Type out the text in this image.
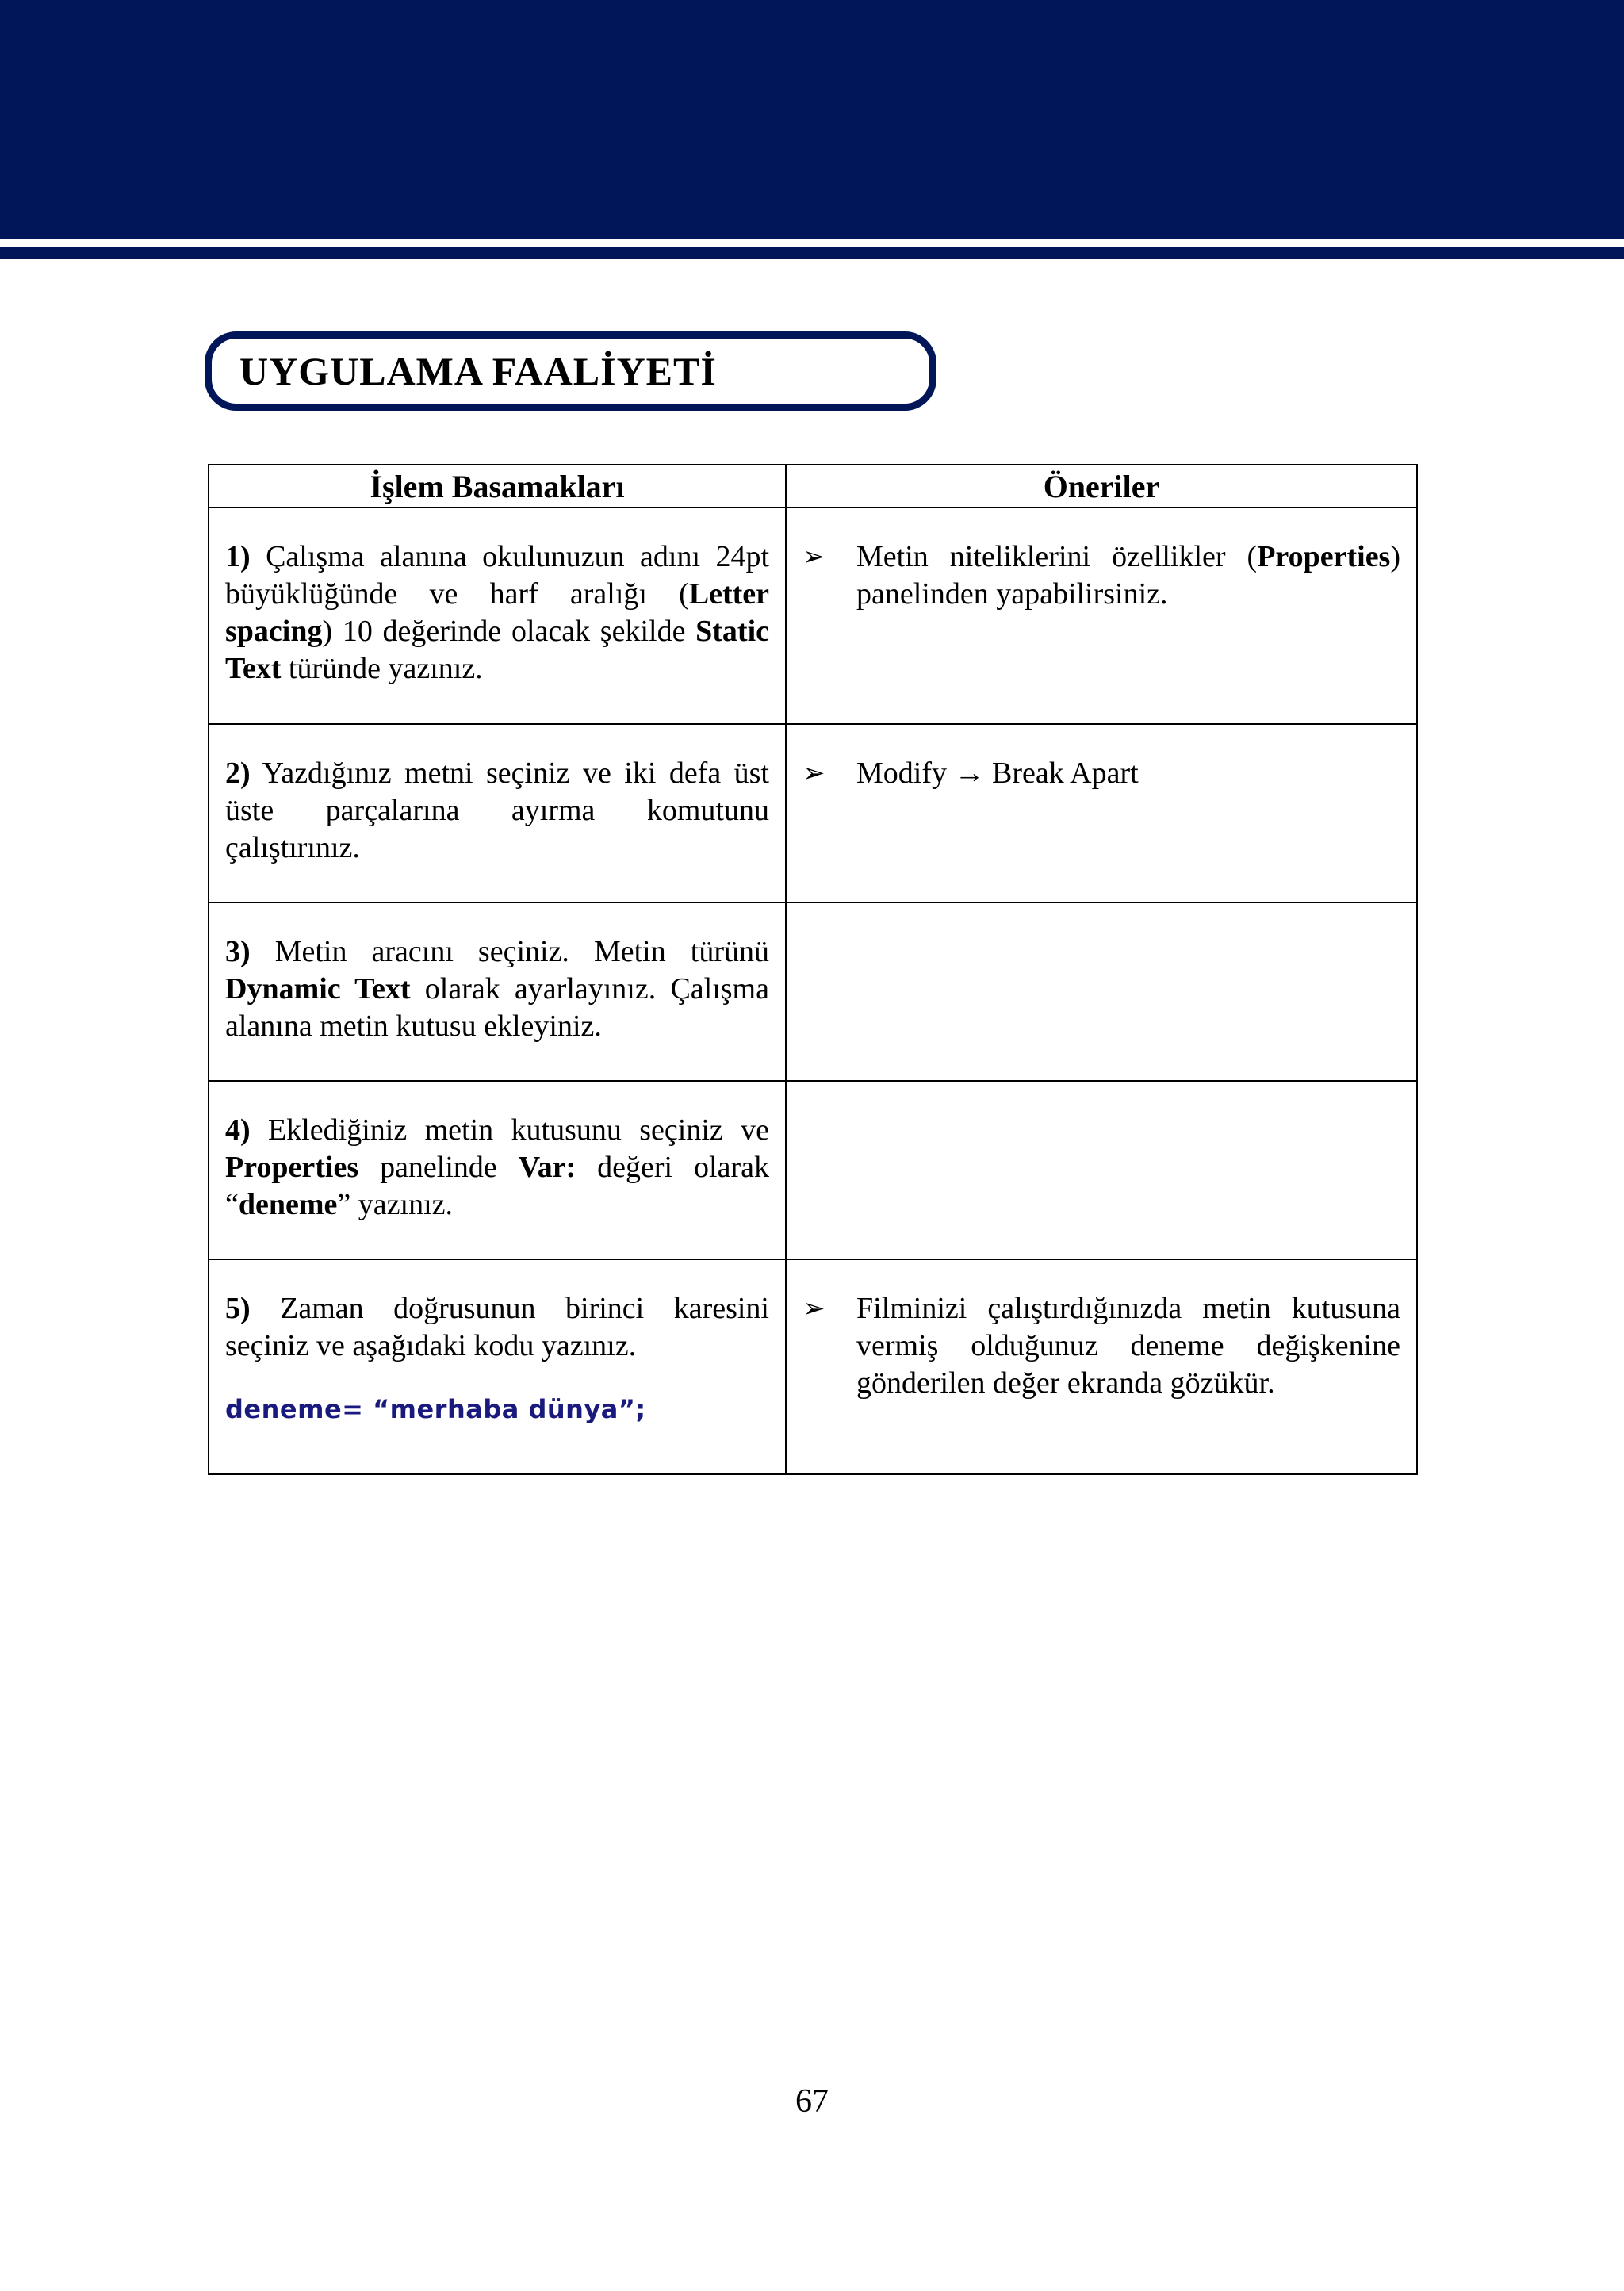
UYGULAMA FAALİYETİ
İşlem Basamakları	Öneriler

1) Çalışma alanına okulunuzun adını 24pt büyüklüğünde ve harf aralığı (Letter spacing) 10 değerinde olacak şekilde Static Text türünde yazınız.	➢ Metin niteliklerini özellikler (Properties) panelinden yapabilirsiniz.

2) Yazdığınız metni seçiniz ve iki defa üst üste parçalarına ayırma komutunu çalıştırınız.	➢ Modify → Break Apart

3) Metin aracını seçiniz. Metin türünü Dynamic Text olarak ayarlayınız. Çalışma alanına metin kutusu ekleyiniz.	

4) Eklediğiniz metin kutusunu seçiniz ve Properties panelinde Var: değeri olarak “deneme” yazınız.	

5) Zaman doğrusunun birinci karesini seçiniz ve aşağıdaki kodu yazınız.
deneme= “merhaba dünya”;	➢ Filminizi çalıştırdığınızda metin kutusuna vermiş olduğunuz deneme değişkenine gönderilen değer ekranda gözükür.
67
